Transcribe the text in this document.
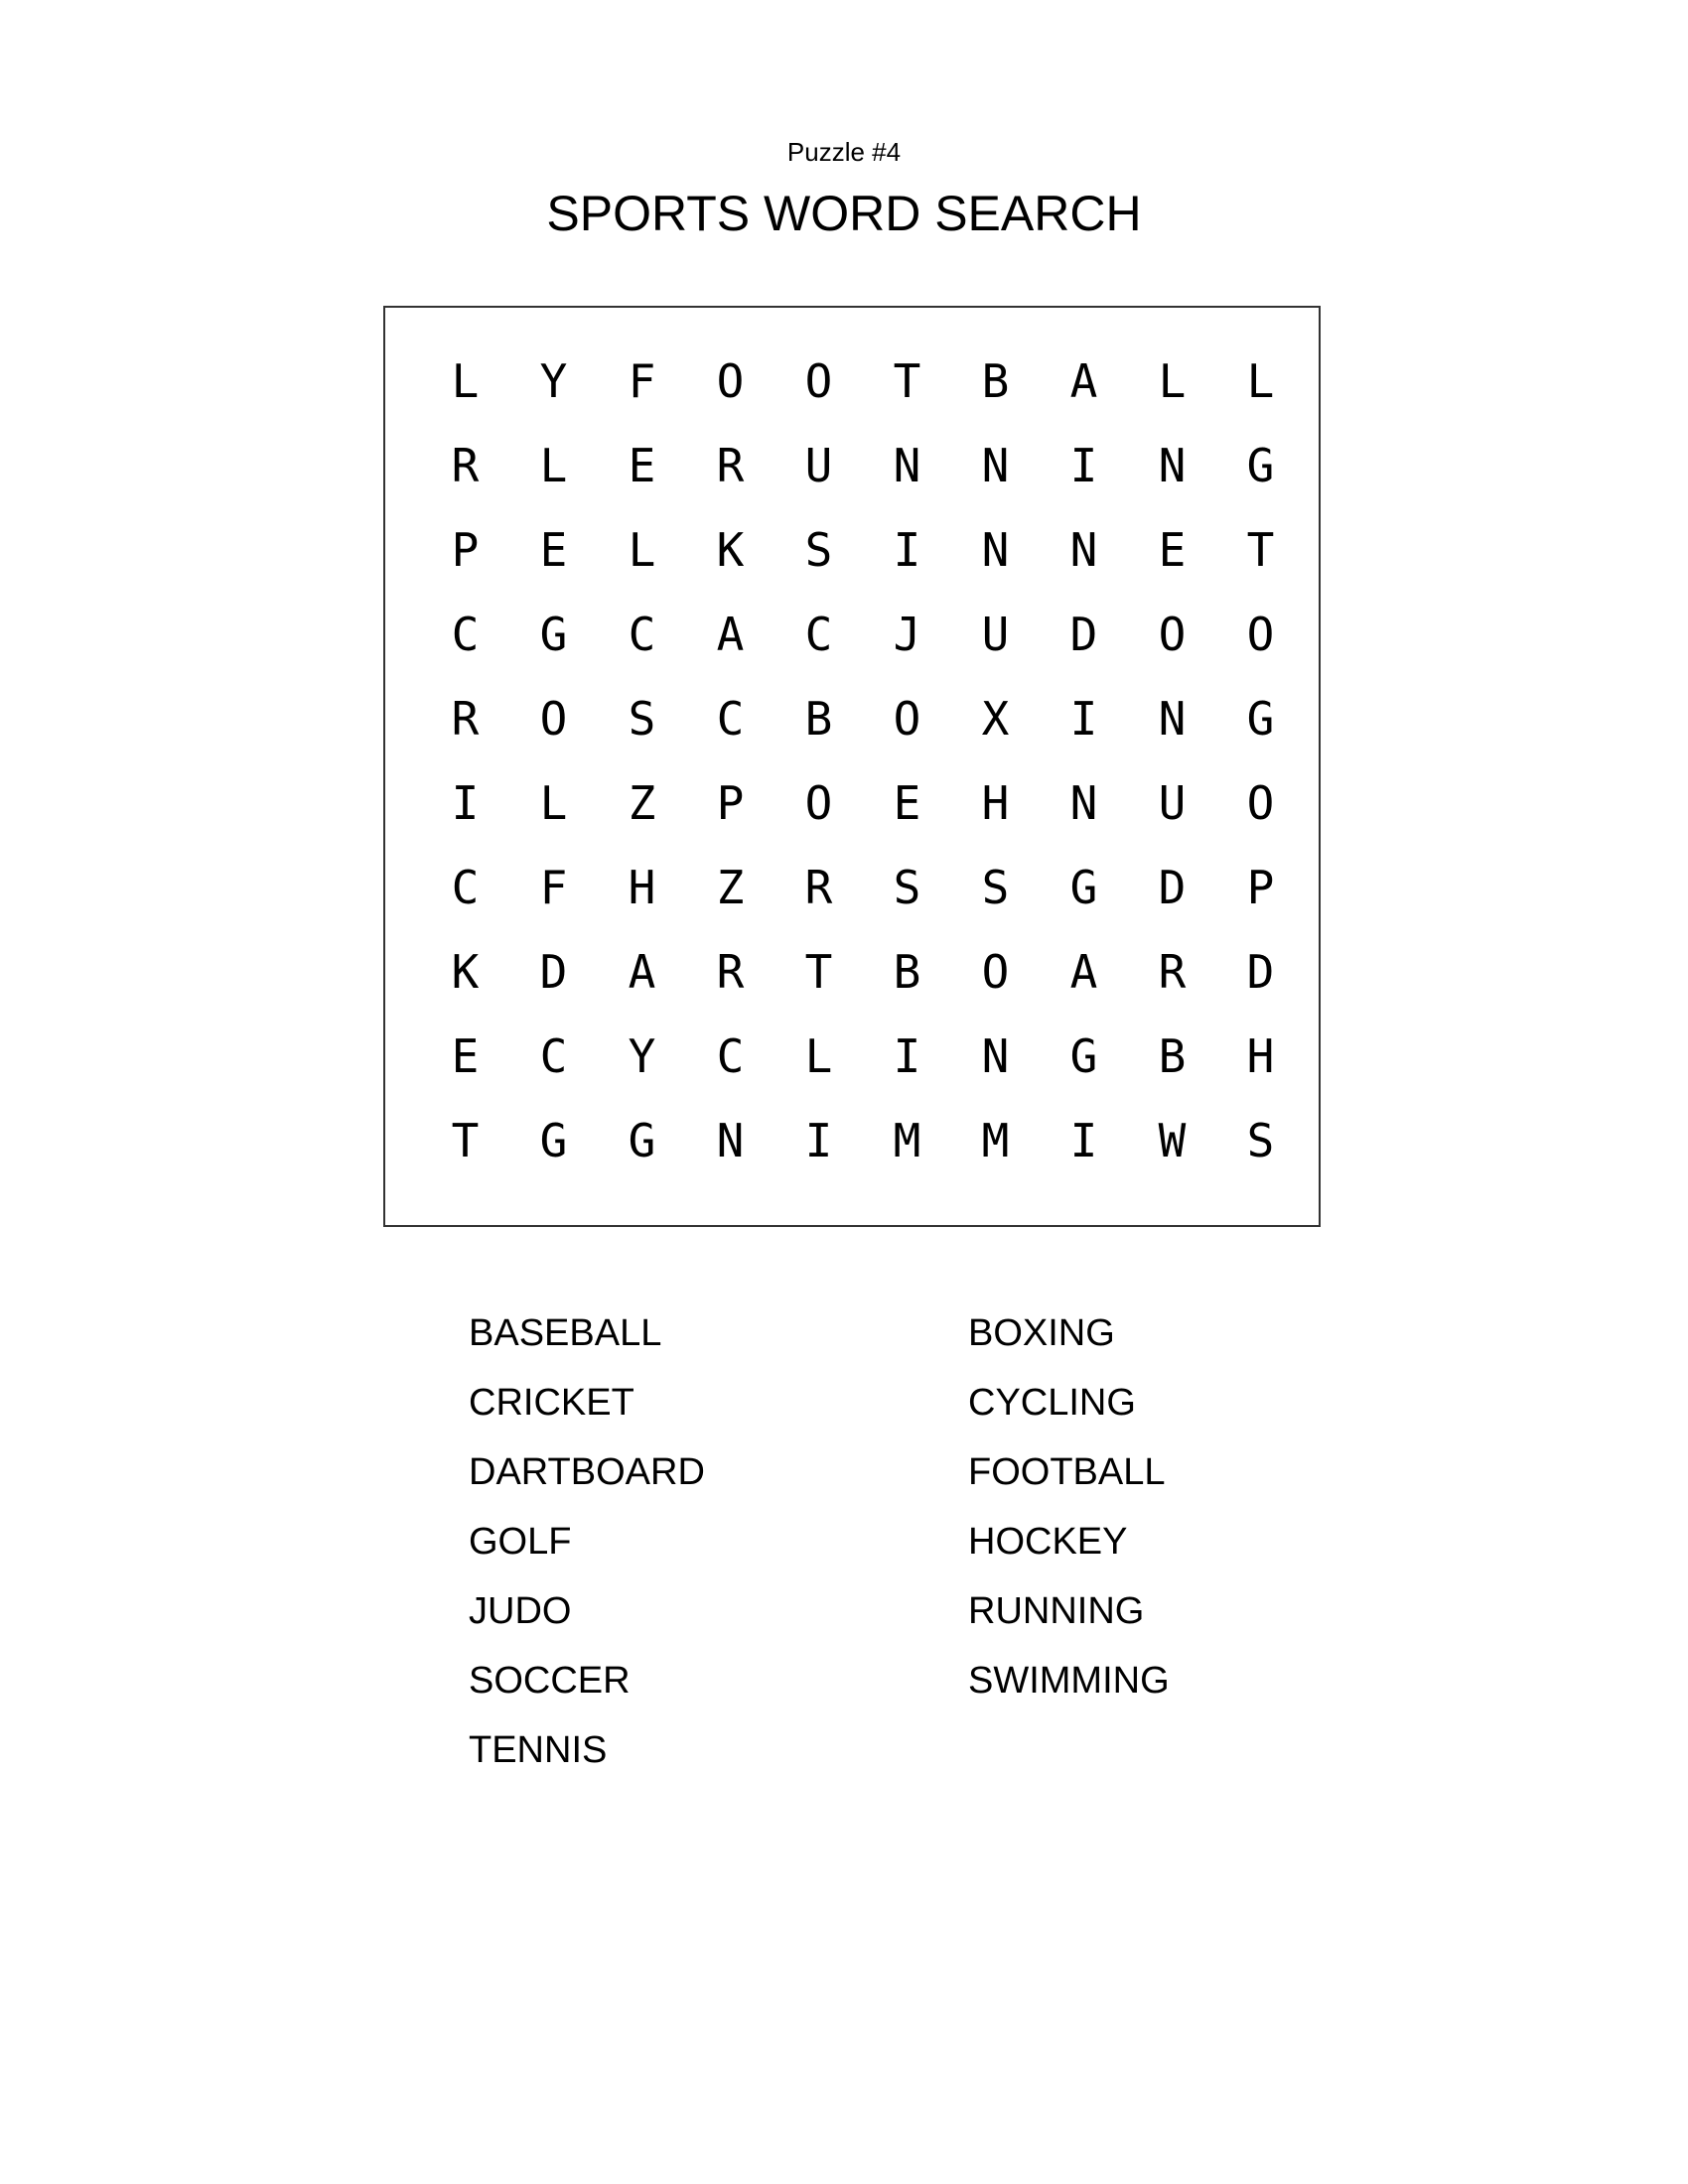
Puzzle #4
SPORTS WORD SEARCH
L	Y	F	O	O	T	B	A	L	L
R	L	E	R	U	N	N	I	N	G
P	E	L	K	S	I	N	N	E	T
C	G	C	A	C	J	U	D	O	O
R	O	S	C	B	O	X	I	N	G
I	L	Z	P	O	E	H	N	U	O
C	F	H	Z	R	S	S	G	D	P
K	D	A	R	T	B	O	A	R	D
E	C	Y	C	L	I	N	G	B	H
T	G	G	N	I	M	M	I	W	S
BASEBALL
CRICKET
DARTBOARD
GOLF
JUDO
SOCCER
TENNIS
BOXING
CYCLING
FOOTBALL
HOCKEY
RUNNING
SWIMMING
